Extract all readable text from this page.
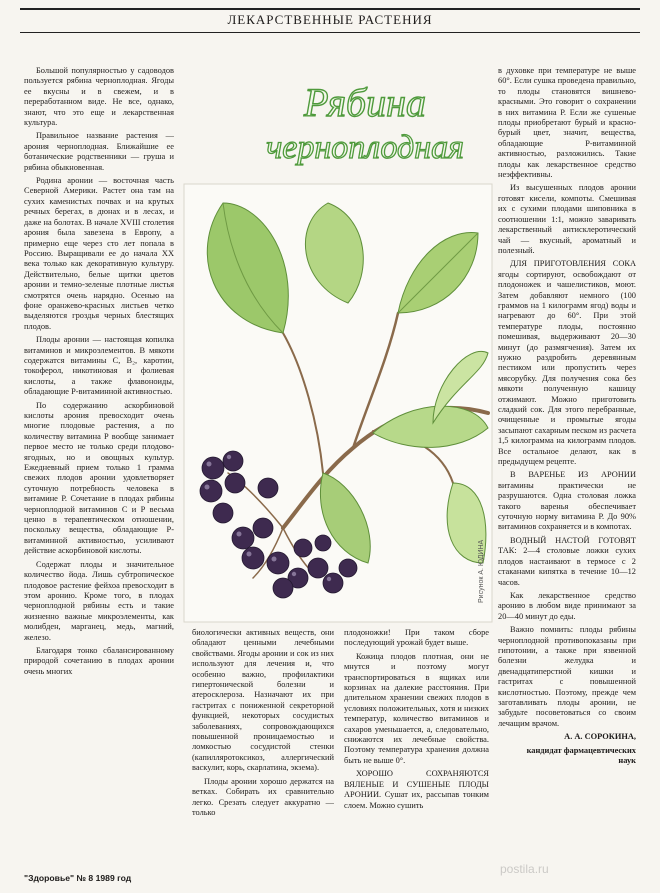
ЛЕКАРСТВЕННЫЕ РАСТЕНИЯ

Большой популярностью у садоводов пользуется рябина черноплодная. Ягоды ее вкусны и в свежем, и в переработанном виде. Не все, однако, знают, что это еще и лекарственная культура.

Правильное название растения — арония черноплодная. Ближайшие ее ботанические родственники — груша и рябина обыкновенная.

Родина аронии — восточная часть Северной Америки. Растет она там на сухих каменистых почвах и на крутых речных берегах, в дюнах и в лесах, и даже на болотах. В начале XVIII столетия арония была завезена в Европу, а примерно еще через сто лет попала в Россию. Выращивали ее до начала XX века только как декоративную культуру. Действительно, белые щитки цветов аронии и темно-зеленые плотные листья смотрятся очень нарядно. Осенью на фоне оранжево-красных листьев четко выделяются гроздья черных блестящих плодов.

Плоды аронии — настоящая копилка витаминов и микроэлементов. В мякоти содержатся витамины С, В₂, каротин, токоферол, никотиновая и фолиевая кислоты, а также флавоноиды, обладающие Р-витаминной активностью.

По содержанию аскорбиновой кислоты арония превосходит очень многие плодовые растения, а по количеству витамина Р вообще занимает первое место не только среди плодово-ягодных, но и овощных культур. Ежедневный прием только 1 грамма свежих плодов аронии удовлетворяет суточную потребность человека в витамине Р. Сочетание в плодах рябины черноплодной витаминов С и Р весьма ценно в терапевтическом отношении, поскольку вещества, обладающие Р-витаминной активностью, усиливают действие аскорбиновой кислоты.

Содержат плоды и значительное количество йода. Лишь субтропическое плодовое растение фейхоа превосходит в этом аронию. Кроме того, в плодах черноплодной рябины есть и такие жизненно важные микроэлементы, как молибден, марганец, медь, магний, железо.

Благодаря тонко сбалансированному природой сочетанию в плодах аронии очень многих

Рябина
черноплодная
Рисунок А. ЮДИНА

биологически активных веществ, они обладают ценными лечебными свойствами. Ягоды аронии и сок из них используют для лечения и, что особенно важно, профилактики гипертонической болезни и атеросклероза. Назначают их при гастритах с пониженной секреторной функцией, некоторых сосудистых заболеваниях, сопровождающихся повышенной проницаемостью и ломкостью сосудистой стенки (капилляротоксикоз, аллергический васкулит, корь, скарлатина, экзема).

Плоды аронии хорошо держатся на ветках. Собирать их сравнительно легко. Срезать следует аккуратно — только

плодоножки! При таком сборе последующий урожай будет выше.

Кожица плодов плотная, они не мнутся и поэтому могут транспортироваться в ящиках или корзинах на далекие расстояния. При длительном хранении свежих плодов в условиях положительных, хотя и низких температур, количество витаминов и сахаров уменьшается, а, следовательно, снижаются их лечебные свойства. Поэтому температура хранения должна быть не выше 0°.

ХОРОШО СОХРАНЯЮТСЯ ВЯЛЕНЫЕ И СУШЕНЫЕ ПЛОДЫ АРОНИИ. Сушат их, рассыпав тонким слоем. Можно сушить

в духовке при температуре не выше 60°. Если сушка проведена правильно, то плоды становятся вишнево-красными. Это говорит о сохранении в них витамина Р. Если же сушеные плоды приобретают бурый и красно-бурый цвет, значит, вещества, обладающие Р-витаминной активностью, разложились. Такие плоды как лекарственное средство неэффективны.

Из высушенных плодов аронии готовят кисели, компоты. Смешивая их с сухими плодами шиповника в соотношении 1:1, можно заваривать лекарственный антисклеротический чай — вкусный, ароматный и полезный.

ДЛЯ ПРИГОТОВЛЕНИЯ СОКА ягоды сортируют, освобождают от плодоножек и чашелистиков, моют. Затем добавляют немного (100 граммов на 1 килограмм ягод) воды и нагревают до 60°. При этой температуре плоды, постоянно помешивая, выдерживают 20—30 минут (до размягчения). Затем их нужно раздробить деревянным пестиком или пропустить через мясорубку. Для получения сока без мякоти полученную кашицу отжимают. Можно приготовить сладкий сок. Для этого перебранные, очищенные и промытые ягоды засыпают сахарным песком из расчета 1,5 килограмма на килограмм плодов. Все остальное делают, как в предыдущем рецепте.

В ВАРЕНЬЕ ИЗ АРОНИИ витамины практически не разрушаются. Одна столовая ложка такого варенья обеспечивает суточную норму витамина Р. До 90% витаминов сохраняется и в компотах.

ВОДНЫЙ НАСТОЙ ГОТОВЯТ ТАК: 2—4 столовые ложки сухих плодов настаивают в термосе с 2 стаканами кипятка в течение 10—12 часов.

Как лекарственное средство аронию в любом виде принимают за 20—40 минут до еды.

Важно помнить: плоды рябины черноплодной противопоказаны при гипотонии, а также при язвенной болезни желудка и двенадцатиперстной кишки и гастритах с повышенной кислотностью. Поэтому, прежде чем заготавливать плоды аронии, не забудьте посоветоваться со своим лечащим врачом.

А. А. СОРОКИНА,

кандидат фармацевтических наук

"Здоровье" № 8 1989 год
postila.ru
